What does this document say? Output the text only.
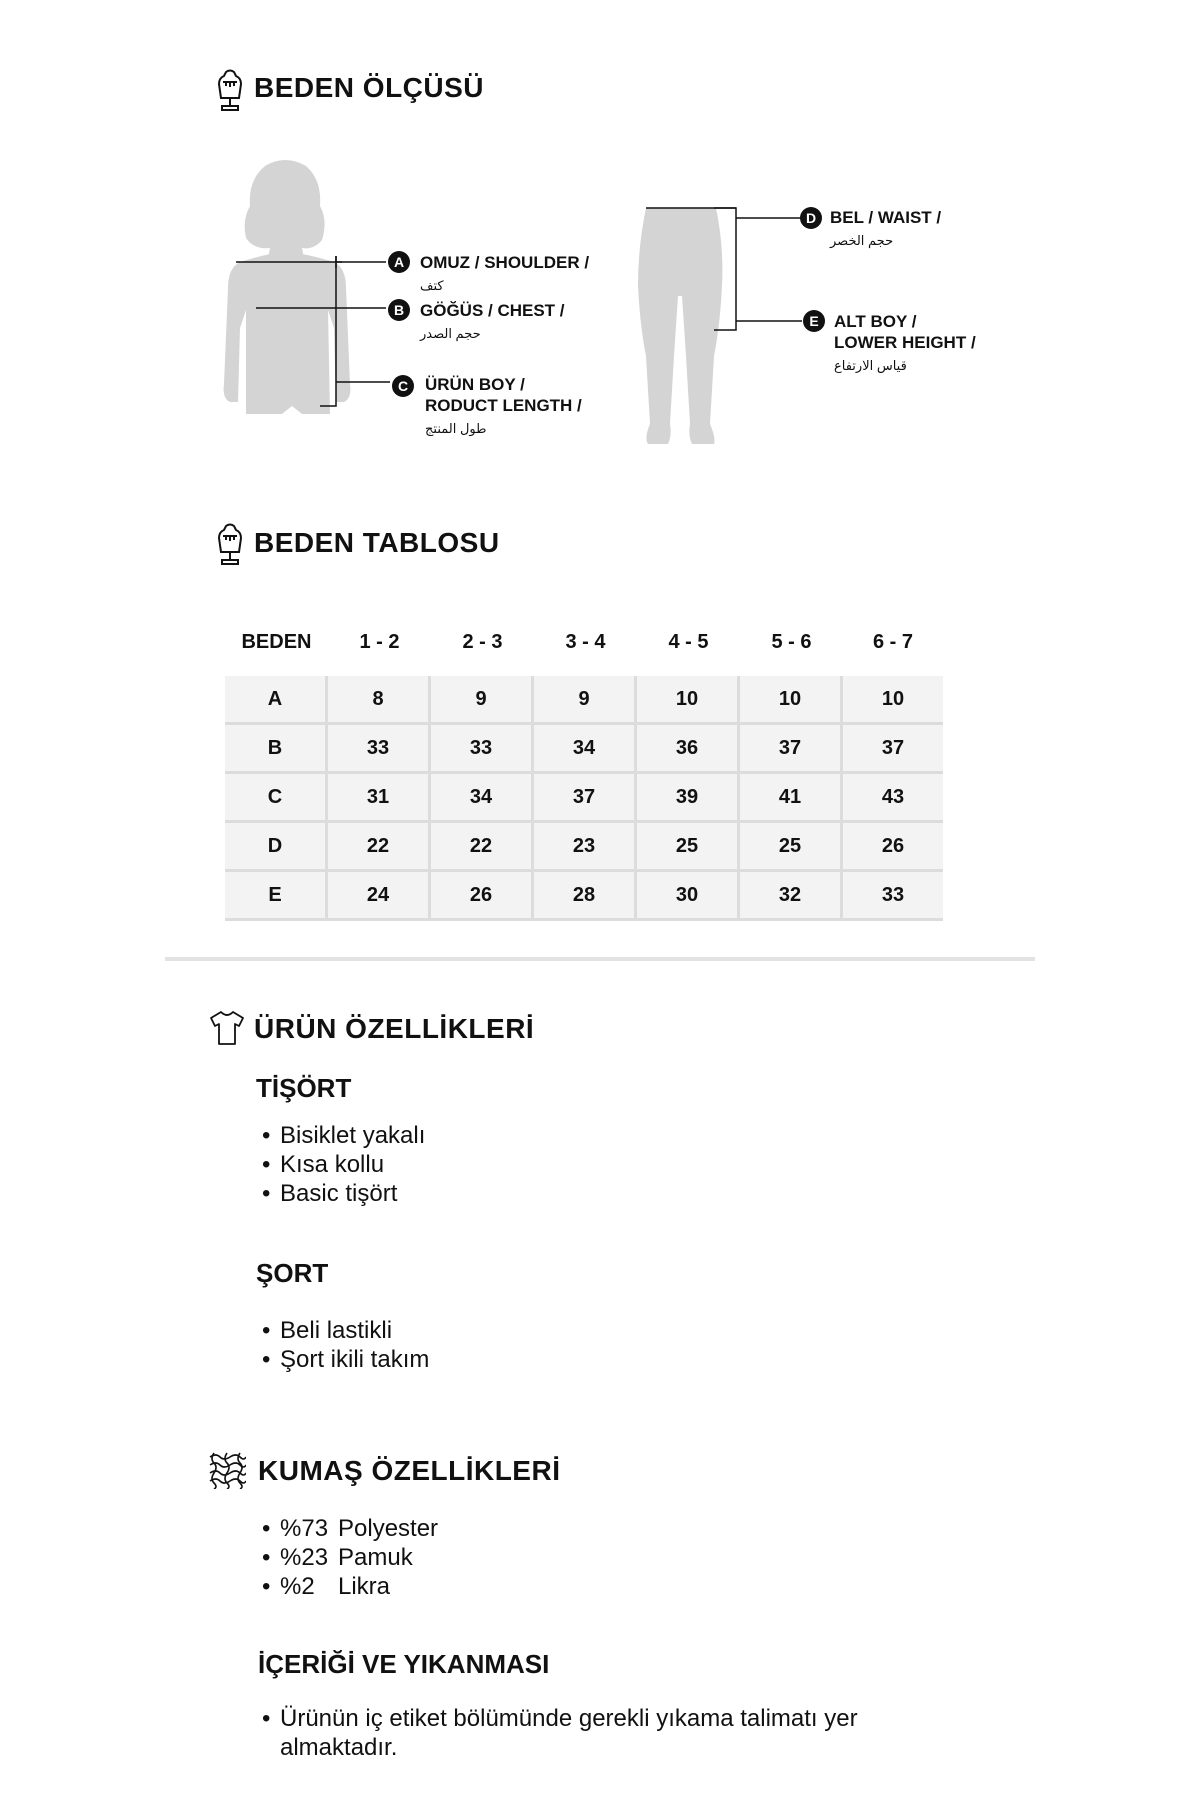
BEDEN ÖLÇÜSÜ
A OMUZ / SHOULDER /
كتف
B GÖĞÜS / CHEST /
حجم الصدر
C ÜRÜN BOY /
RODUCT LENGTH /
طول المنتج
D BEL / WAIST /
حجم الخصر
E ALT BOY /
LOWER HEIGHT /
قياس الارتفاع
BEDEN TABLOSU
BEDEN	1 - 2	2 - 3	3 - 4	4 - 5	5 - 6	6 - 7

A	8	9	9	10	10	10
B	33	33	34	36	37	37
C	31	34	37	39	41	43
D	22	22	23	25	25	26
E	24	26	28	30	32	33
ÜRÜN ÖZELLİKLERİ
TİŞÖRT
• Bisiklet yakalı
• Kısa kollu
• Basic tişört
ŞORT
• Beli lastikli
• Şort ikili takım
KUMAŞ ÖZELLİKLERİ
• %73 Polyester
• %23 Pamuk
• %2 Likra
İÇERİĞİ VE YIKANMASI
• Ürünün iç etiket bölümünde gerekli yıkama talimatı yer
almaktadır.
